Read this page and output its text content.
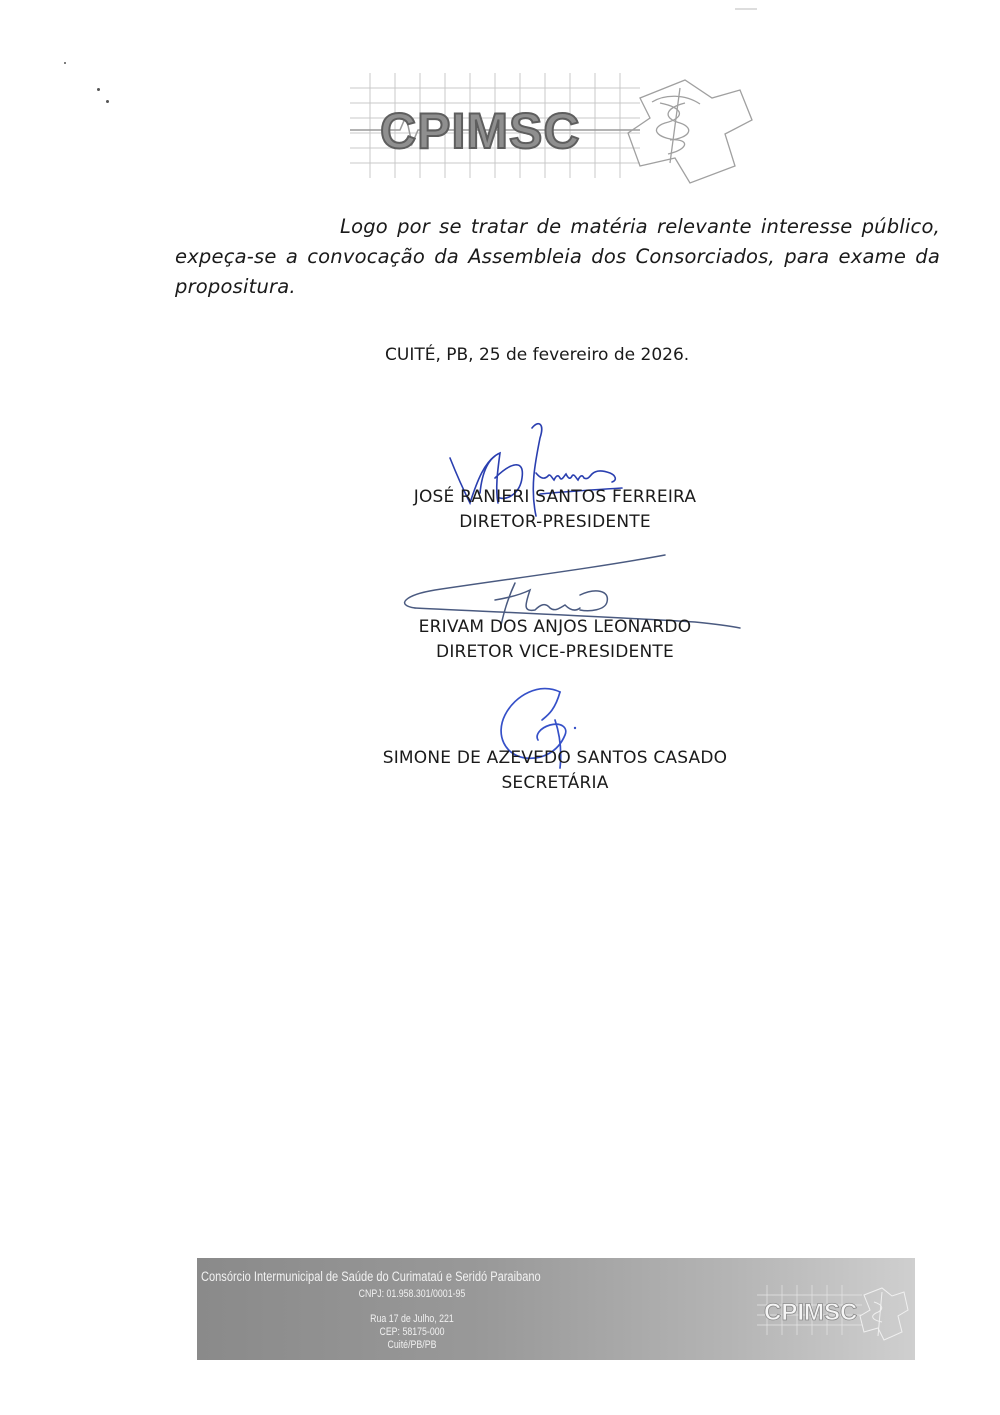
CPIMSC
Logo por se tratar de matéria relevante interesse público, expeça-se a convocação da Assembleia dos Consorciados, para exame da propositura.
CUITÉ, PB, 25 de fevereiro de 2026.
JOSÉ RANIERI SANTOS FERREIRA
DIRETOR-PRESIDENTE
ERIVAM DOS ANJOS LEONARDO
DIRETOR VICE-PRESIDENTE
SIMONE DE AZEVEDO SANTOS CASADO
SECRETÁRIA
Consórcio Intermunicipal de Saúde do Curimataú e Seridó Paraibano
CNPJ: 01.958.301/0001-95
Rua 17 de Julho, 221
CEP: 58175-000
Cuité/PB/PB
CPIMSC
